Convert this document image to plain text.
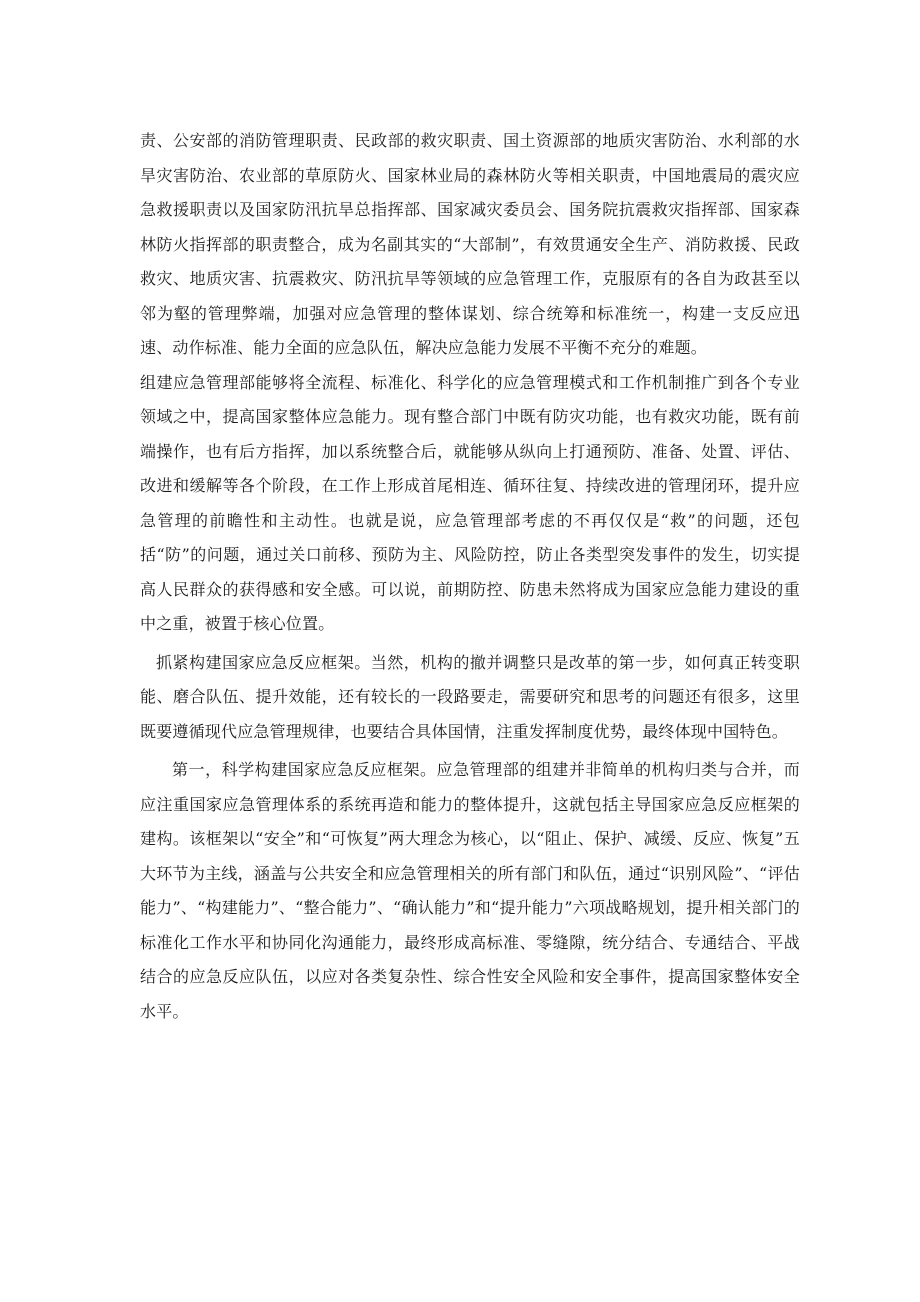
责、公安部的消防管理职责、民政部的救灾职责、国土资源部的地质灾害防治、水利部的水旱灾害防治、农业部的草原防火、国家林业局的森林防火等相关职责，中国地震局的震灾应急救援职责以及国家防汛抗旱总指挥部、国家减灾委员会、国务院抗震救灾指挥部、国家森林防火指挥部的职责整合，成为名副其实的“大部制”，有效贯通安全生产、消防救援、民政救灾、地质灾害、抗震救灾、防汛抗旱等领域的应急管理工作，克服原有的各自为政甚至以邻为壑的管理弊端，加强对应急管理的整体谋划、综合统筹和标准统一，构建一支反应迅速、动作标准、能力全面的应急队伍，解决应急能力发展不平衡不充分的难题。

组建应急管理部能够将全流程、标准化、科学化的应急管理模式和工作机制推广到各个专业领域之中，提高国家整体应急能力。现有整合部门中既有防灾功能，也有救灾功能，既有前端操作，也有后方指挥，加以系统整合后，就能够从纵向上打通预防、准备、处置、评估、改进和缓解等各个阶段，在工作上形成首尾相连、循环往复、持续改进的管理闭环，提升应急管理的前瞻性和主动性。也就是说，应急管理部考虑的不再仅仅是“救”的问题，还包括“防”的问题，通过关口前移、预防为主、风险防控，防止各类型突发事件的发生，切实提高人民群众的获得感和安全感。可以说，前期防控、防患未然将成为国家应急能力建设的重中之重，被置于核心位置。

抓紧构建国家应急反应框架。当然，机构的撤并调整只是改革的第一步，如何真正转变职能、磨合队伍、提升效能，还有较长的一段路要走，需要研究和思考的问题还有很多，这里既要遵循现代应急管理规律，也要结合具体国情，注重发挥制度优势，最终体现中国特色。

第一，科学构建国家应急反应框架。应急管理部的组建并非简单的机构归类与合并，而应注重国家应急管理体系的系统再造和能力的整体提升，这就包括主导国家应急反应框架的建构。该框架以“安全”和“可恢复”两大理念为核心，以“阻止、保护、减缓、反应、恢复”五大环节为主线，涵盖与公共安全和应急管理相关的所有部门和队伍，通过“识别风险”、“评估能力”、“构建能力”、“整合能力”、“确认能力”和“提升能力”六项战略规划，提升相关部门的标准化工作水平和协同化沟通能力，最终形成高标准、零缝隙，统分结合、专通结合、平战结合的应急反应队伍，以应对各类复杂性、综合性安全风险和安全事件，提高国家整体安全水平。
